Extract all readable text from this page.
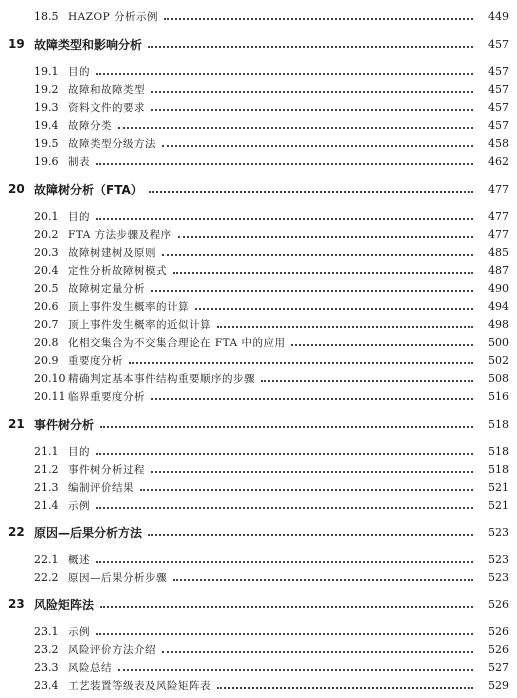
18.5 HAZOP 分析示例	449
19 故障类型和影响分析	457
19.1 目的	457
19.2 故障和故障类型	457
19.3 资料文件的要求	457
19.4 故障分类	457
19.5 故障类型分级方法	458
19.6 制表	462
20 故障树分析（FTA）	477
20.1 目的	477
20.2 FTA 方法步骤及程序	477
20.3 故障树建树及原则	485
20.4 定性分析故障树模式	487
20.5 故障树定量分析	490
20.6 顶上事件发生概率的计算	494
20.7 顶上事件发生概率的近似计算	498
20.8 化相交集合为不交集合理论在 FTA 中的应用	500
20.9 重要度分析	502
20.10 精确判定基本事件结构重要顺序的步骤	508
20.11 临界重要度分析	516
21 事件树分析	518
21.1 目的	518
21.2 事件树分析过程	518
21.3 编制评价结果	521
21.4 示例	521
22 原因—后果分析方法	523
22.1 概述	523
22.2 原因—后果分析步骤	523
23 风险矩阵法	526
23.1 示例	526
23.2 风险评价方法介绍	526
23.3 风险总结	527
23.4 工艺装置等级表及风险矩阵表	529
